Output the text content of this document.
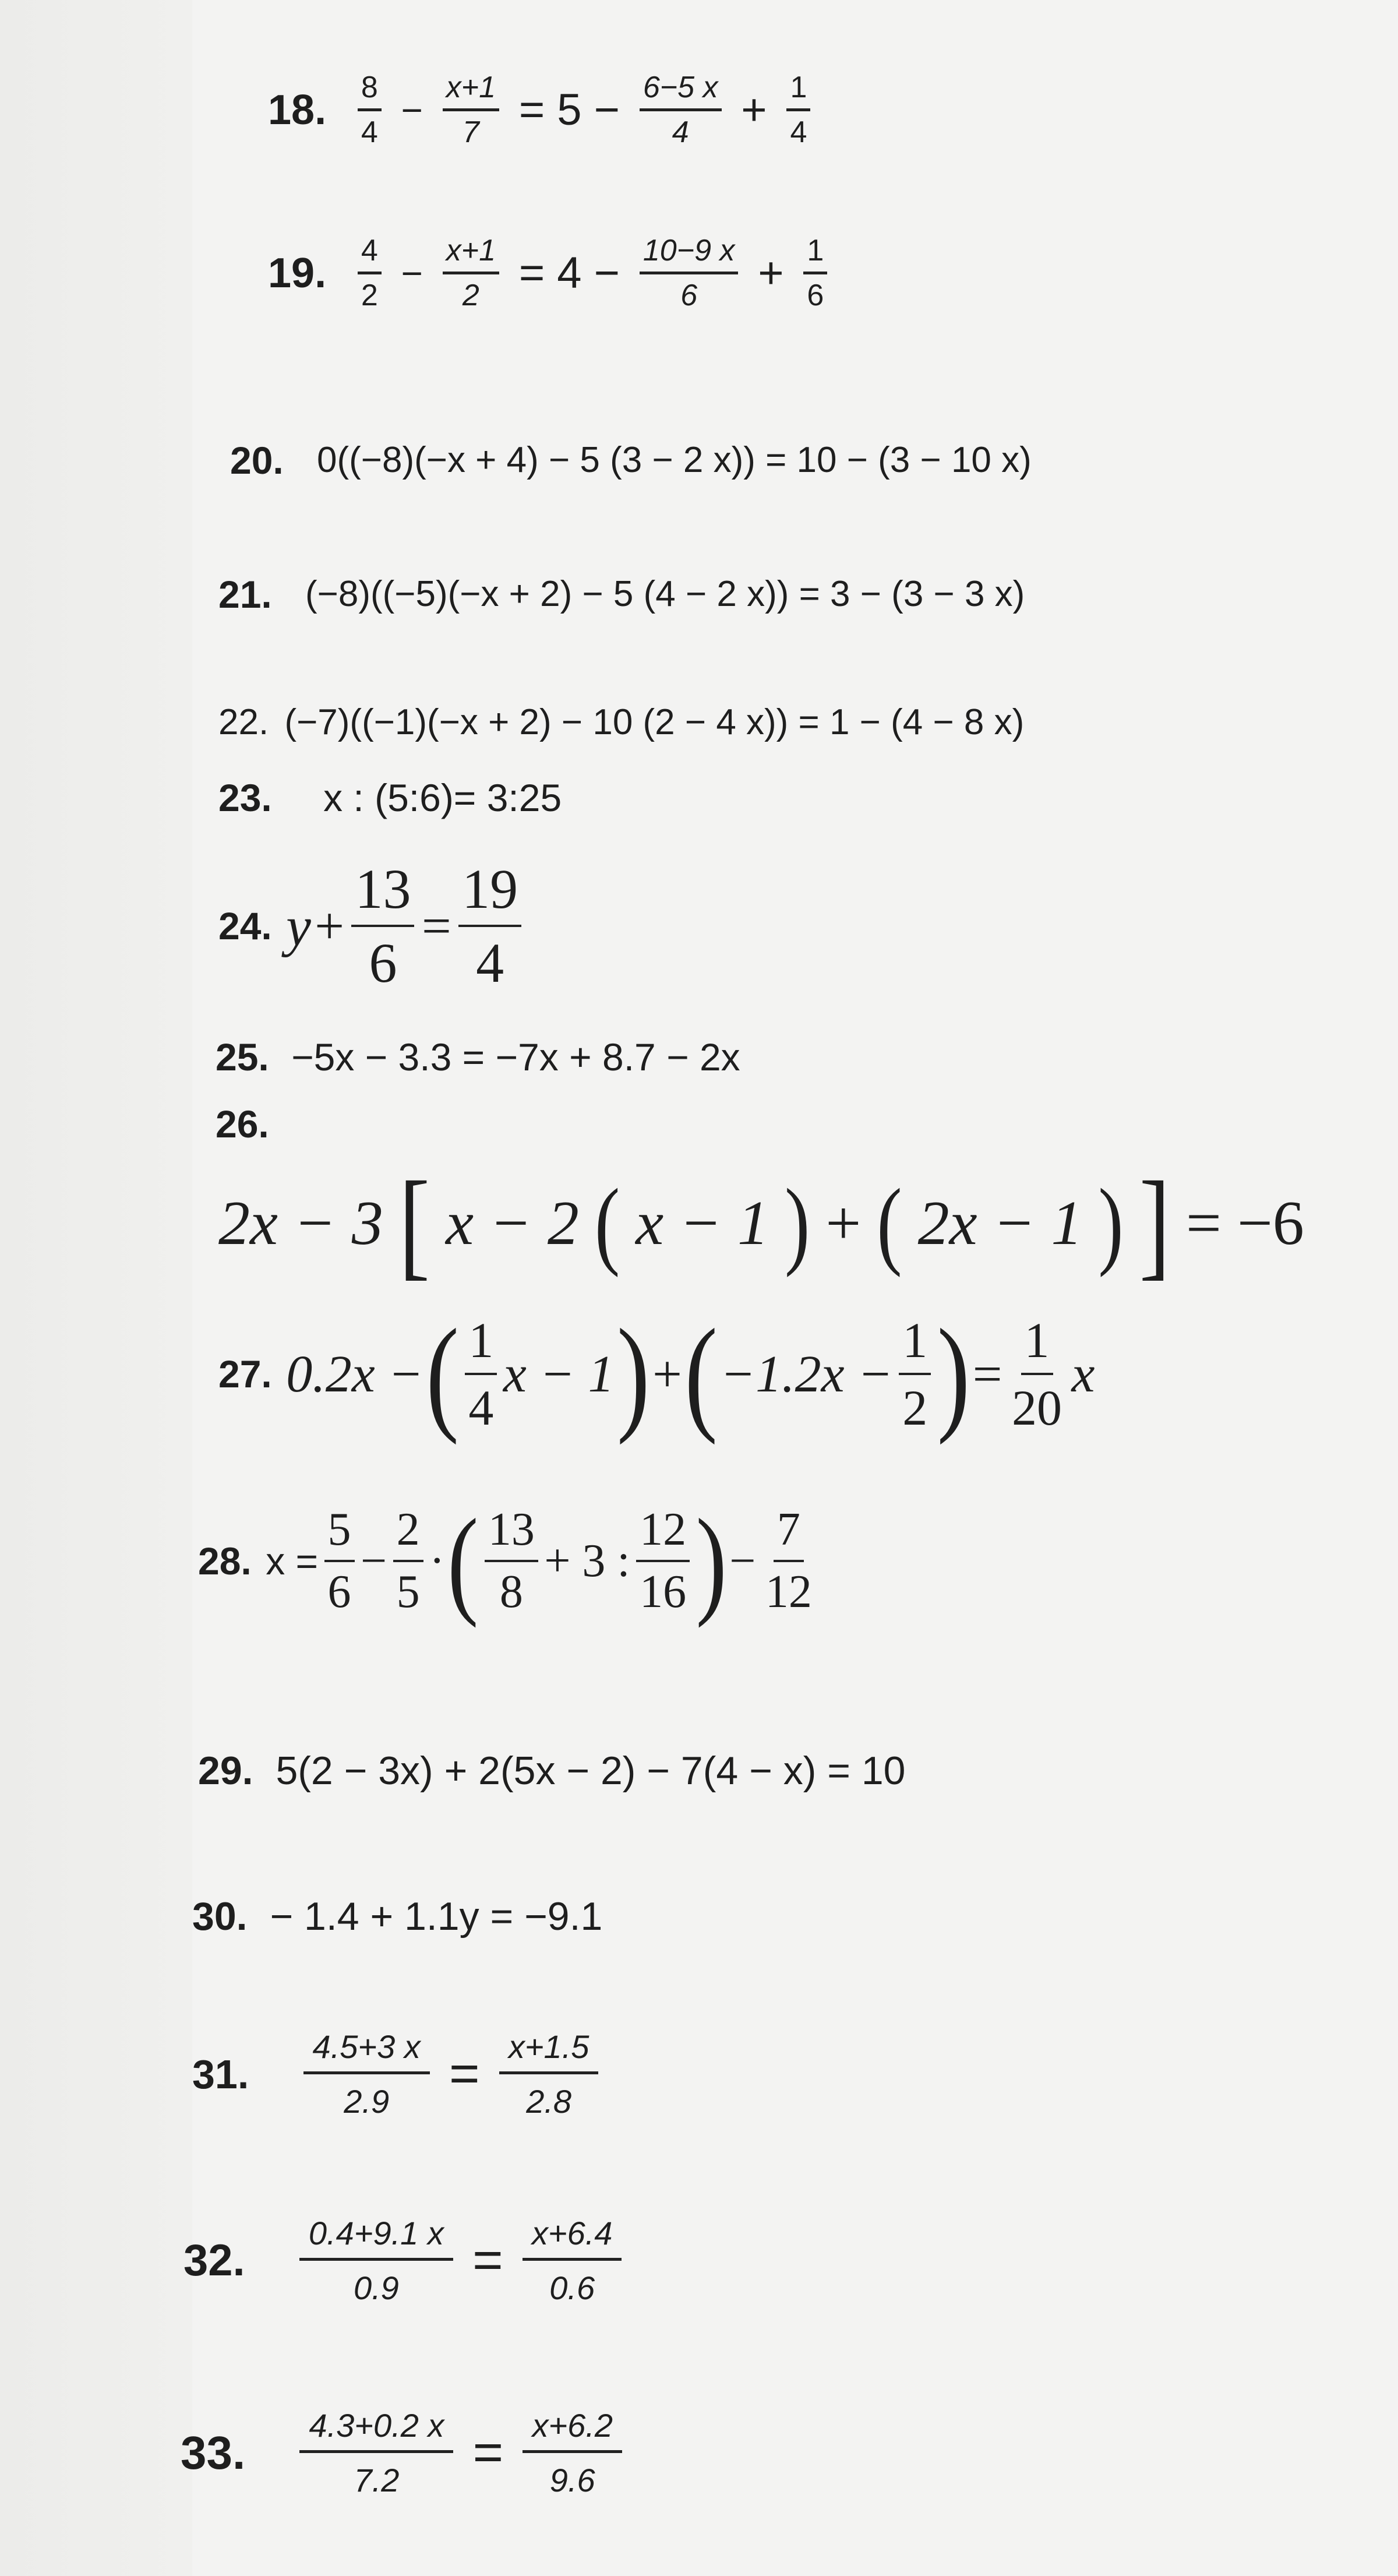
18. $\frac{8}{4} - \frac{x+1}{7} = 5 - \frac{6-5 x}{4} + \frac{1}{4}$
19. $\frac{4}{2} - \frac{x+1}{2} = 4 - \frac{10-9 x}{6} + \frac{1}{6}$
20. 0((−8)(−x + 4) − 5 (3 − 2 x)) = 10 − (3 − 10 x)
21. (−8)((−5)(−x + 2) − 5 (4 − 2 x)) = 3 − (3 − 3 x)
22. (−7)((−1)(−x + 2) − 10 (2 − 4 x)) = 1 − (4 − 8 x)
23. x : (5:6)= 3:25
24. $y + \frac{13}{6} = \frac{19}{4}$
25. −5x − 3.3 = −7x + 8.7 − 2x
26.
2x − 3 [ x − 2 ( x − 1 ) + ( 2x − 1 ) ] = −6
27. 0.2x − ( $\frac{1}{4}$ x − 1 ) + ( $-1.2x - \frac{1}{2}$ ) = $\frac{1}{20}$ x
28. $x = \frac{5}{6} - \frac{2}{5}$ · ( $\frac{13}{8} + 3$ : $\frac{12}{16}$ ) − $\frac{7}{12}$
29. 5(2 − 3x) + 2(5x − 2) − 7(4 − x) = 10
30. − 1.4 + 1.1y = −9.1
31. $\frac{4.5+3 x}{2.9} = \frac{x+1.5}{2.8}$
32. $\frac{0.4+9.1 x}{0.9} = \frac{x+6.4}{0.6}$
33. $\frac{4.3+0.2 x}{7.2} = \frac{x+6.2}{9.6}$
